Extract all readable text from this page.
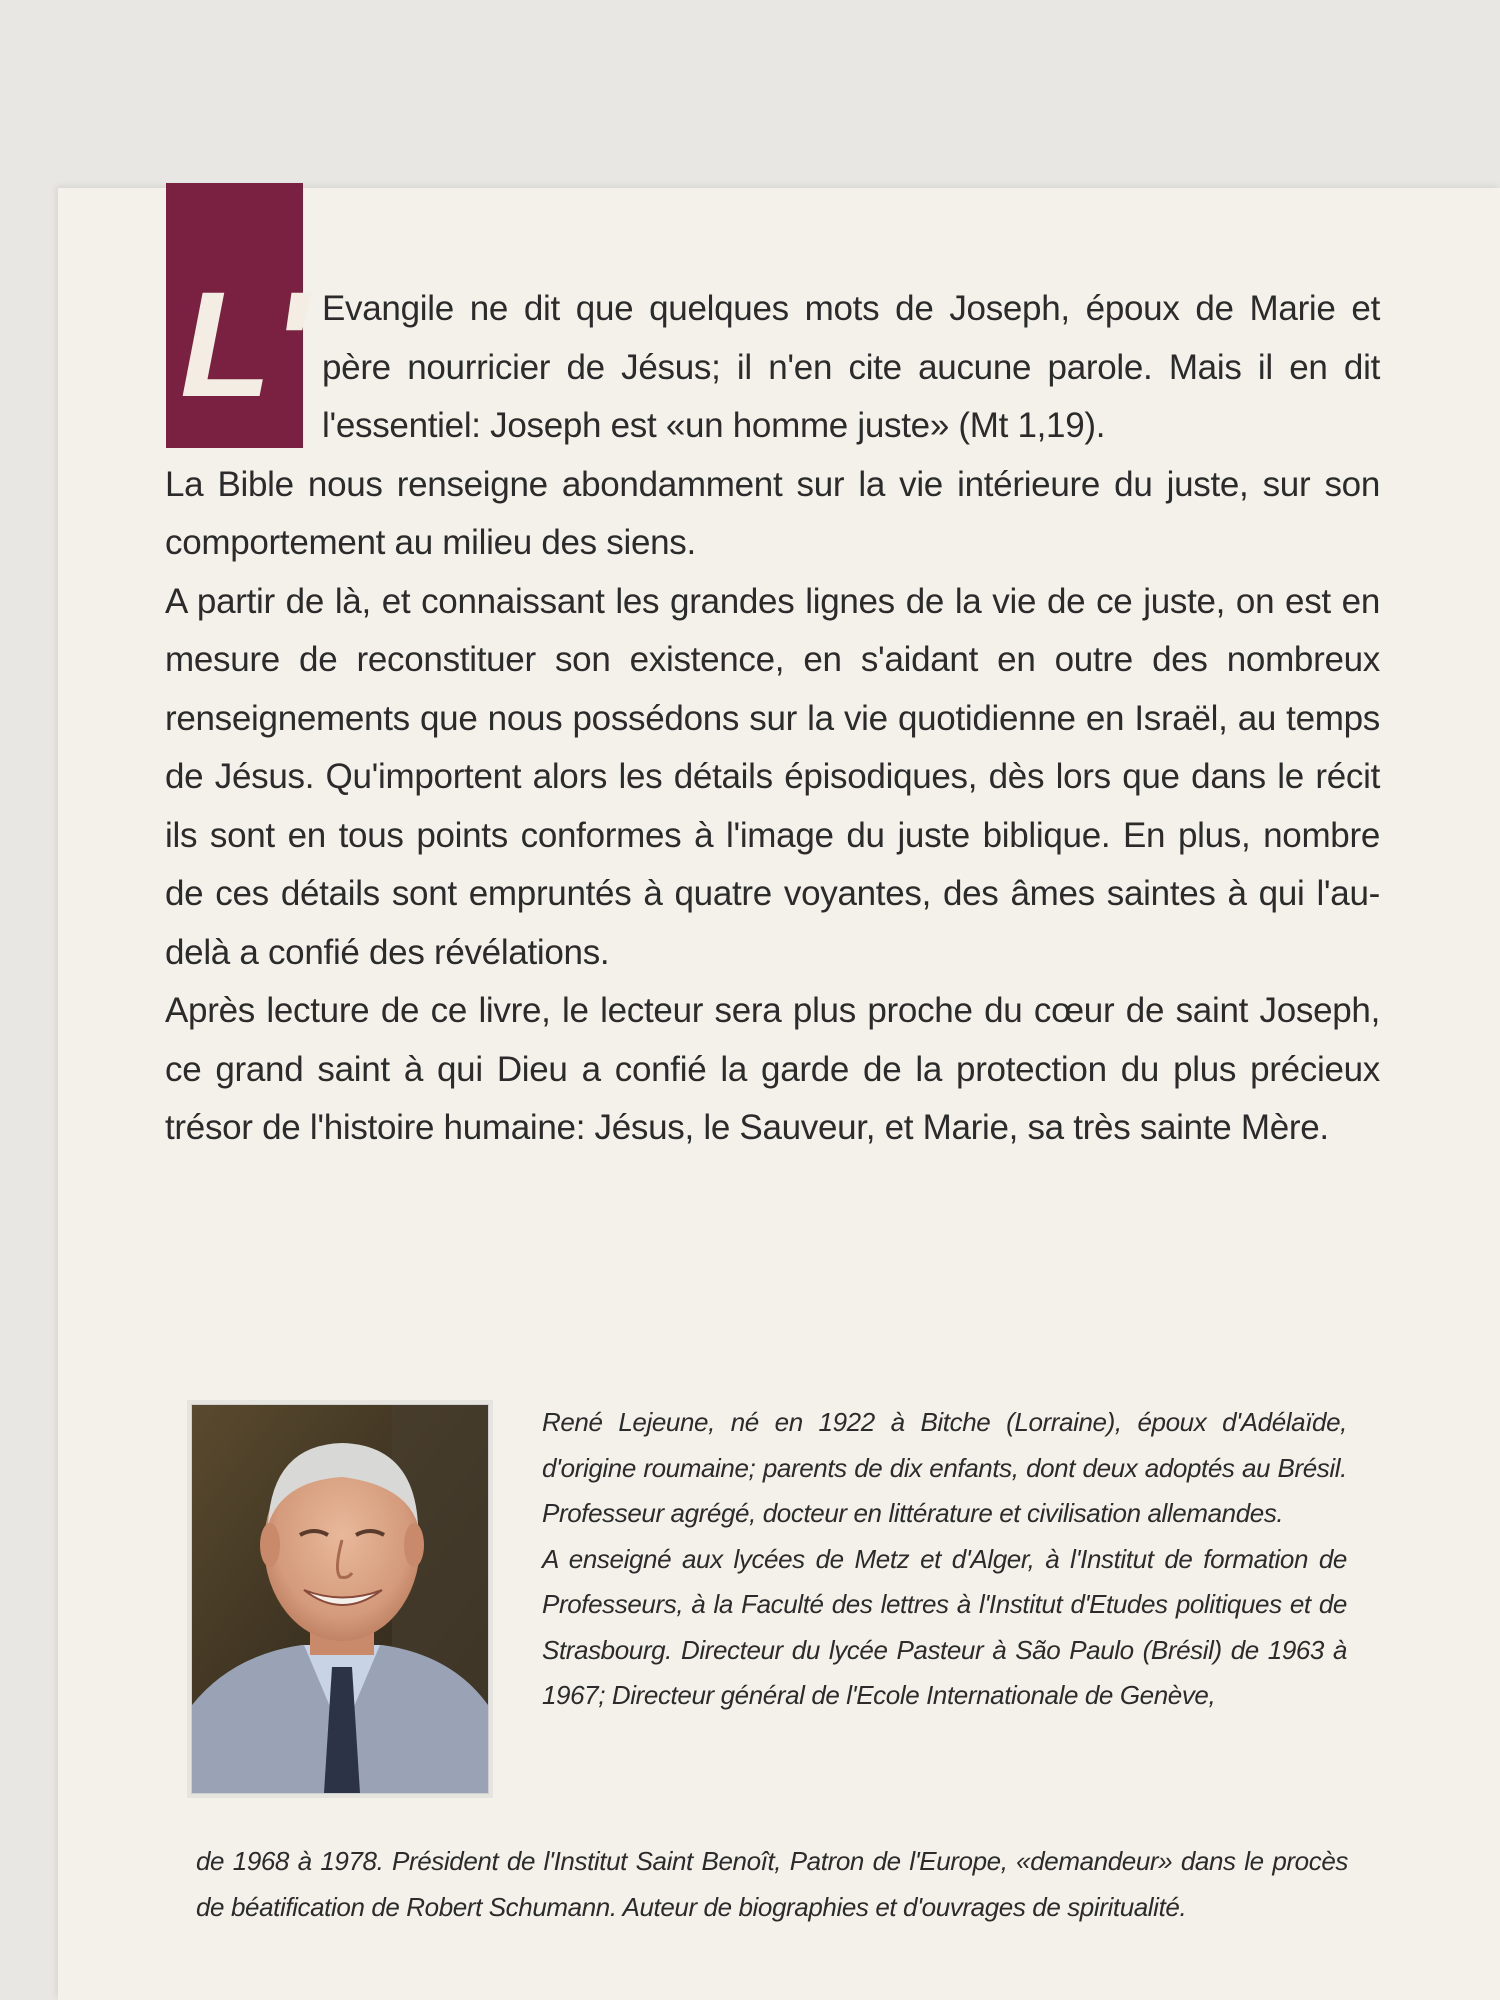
L' Evangile ne dit que quelques mots de Joseph, époux de Marie et père nourricier de Jésus; il n'en cite aucune parole. Mais il en dit l'essentiel: Joseph est «un homme juste» (Mt 1,19).

La Bible nous renseigne abondamment sur la vie intérieure du juste, sur son comportement au milieu des siens.

A partir de là, et connaissant les grandes lignes de la vie de ce juste, on est en mesure de reconstituer son existence, en s'aidant en outre des nombreux renseignements que nous possédons sur la vie quotidienne en Israël, au temps de Jésus. Qu'importent alors les détails épisodiques, dès lors que dans le récit ils sont en tous points conformes à l'image du juste biblique. En plus, nombre de ces détails sont empruntés à quatre voyantes, des âmes saintes à qui l'au-delà a confié des révélations.

Après lecture de ce livre, le lecteur sera plus proche du cœur de saint Joseph, ce grand saint à qui Dieu a confié la garde de la protection du plus précieux trésor de l'histoire humaine: Jésus, le Sauveur, et Marie, sa très sainte Mère.

René Lejeune, né en 1922 à Bitche (Lorraine), époux d'Adélaïde, d'origine roumaine; parents de dix enfants, dont deux adoptés au Brésil. Professeur agrégé, docteur en littérature et civilisation allemandes.

A enseigné aux lycées de Metz et d'Alger, à l'Institut de formation de Professeurs, à la Faculté des lettres à l'Institut d'Etudes politiques et de Strasbourg. Directeur du lycée Pasteur à São Paulo (Brésil) de 1963 à 1967; Directeur général de l'Ecole Internationale de Genève,

de 1968 à 1978. Président de l'Institut Saint Benoît, Patron de l'Europe, «demandeur» dans le procès de béatification de Robert Schumann. Auteur de biographies et d'ouvrages de spiritualité.
